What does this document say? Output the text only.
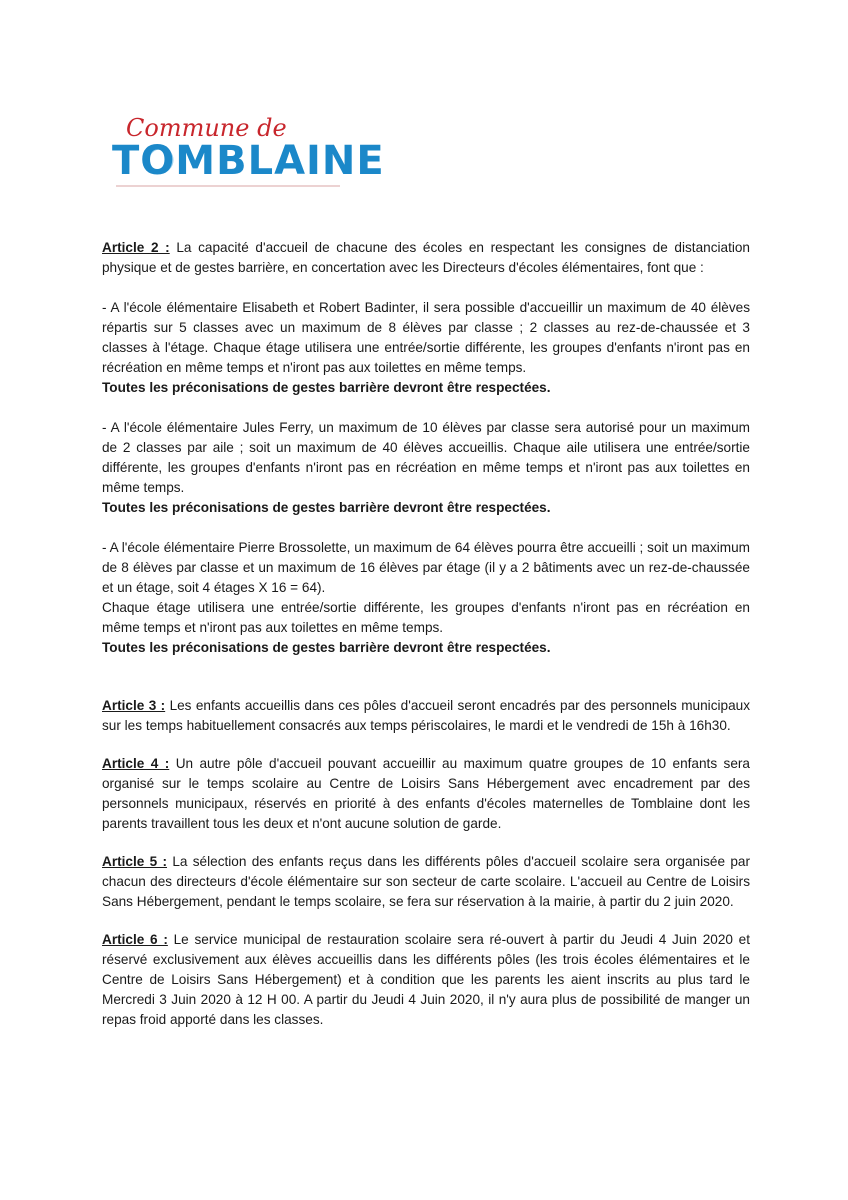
Commune de
TOMBLAINE

Article 2 : La capacité d'accueil de chacune des écoles en respectant les consignes de distanciation physique et de gestes barrière, en concertation avec les Directeurs d'écoles élémentaires, font que :

- A l'école élémentaire Elisabeth et Robert Badinter, il sera possible d'accueillir un maximum de 40 élèves répartis sur 5 classes avec un maximum de 8 élèves par classe ; 2 classes au rez-de-chaussée et 3 classes à l'étage. Chaque étage utilisera une entrée/sortie différente, les groupes d'enfants n'iront pas en récréation en même temps et n'iront pas aux toilettes en même temps.

Toutes les préconisations de gestes barrière devront être respectées.

- A l'école élémentaire Jules Ferry, un maximum de 10 élèves par classe sera autorisé pour un maximum de 2 classes par aile ; soit un maximum de 40 élèves accueillis. Chaque aile utilisera une entrée/sortie différente, les groupes d'enfants n'iront pas en récréation en même temps et n'iront pas aux toilettes en même temps.

Toutes les préconisations de gestes barrière devront être respectées.

- A l'école élémentaire Pierre Brossolette, un maximum de 64 élèves pourra être accueilli ; soit un maximum de 8 élèves par classe et un maximum de 16 élèves par étage (il y a 2 bâtiments avec un rez-de-chaussée et un étage, soit 4 étages X 16 = 64).

Chaque étage utilisera une entrée/sortie différente, les groupes d'enfants n'iront pas en récréation en même temps et n'iront pas aux toilettes en même temps.

Toutes les préconisations de gestes barrière devront être respectées.

Article 3 : Les enfants accueillis dans ces pôles d'accueil seront encadrés par des personnels municipaux sur les temps habituellement consacrés aux temps périscolaires, le mardi et le vendredi de 15h à 16h30.

Article 4 : Un autre pôle d'accueil pouvant accueillir au maximum quatre groupes de 10 enfants sera organisé sur le temps scolaire au Centre de Loisirs Sans Hébergement avec encadrement par des personnels municipaux, réservés en priorité à des enfants d'écoles maternelles de Tomblaine dont les parents travaillent tous les deux et n'ont aucune solution de garde.

Article 5 : La sélection des enfants reçus dans les différents pôles d'accueil scolaire sera organisée par chacun des directeurs d'école élémentaire sur son secteur de carte scolaire. L'accueil au Centre de Loisirs Sans Hébergement, pendant le temps scolaire, se fera sur réservation à la mairie, à partir du 2 juin 2020.

Article 6 : Le service municipal de restauration scolaire sera ré-ouvert à partir du Jeudi 4 Juin 2020 et réservé exclusivement aux élèves accueillis dans les différents pôles (les trois écoles élémentaires et le Centre de Loisirs Sans Hébergement) et à condition que les parents les aient inscrits au plus tard le Mercredi 3 Juin 2020 à 12 H 00. A partir du Jeudi 4 Juin 2020, il n'y aura plus de possibilité de manger un repas froid apporté dans les classes.
